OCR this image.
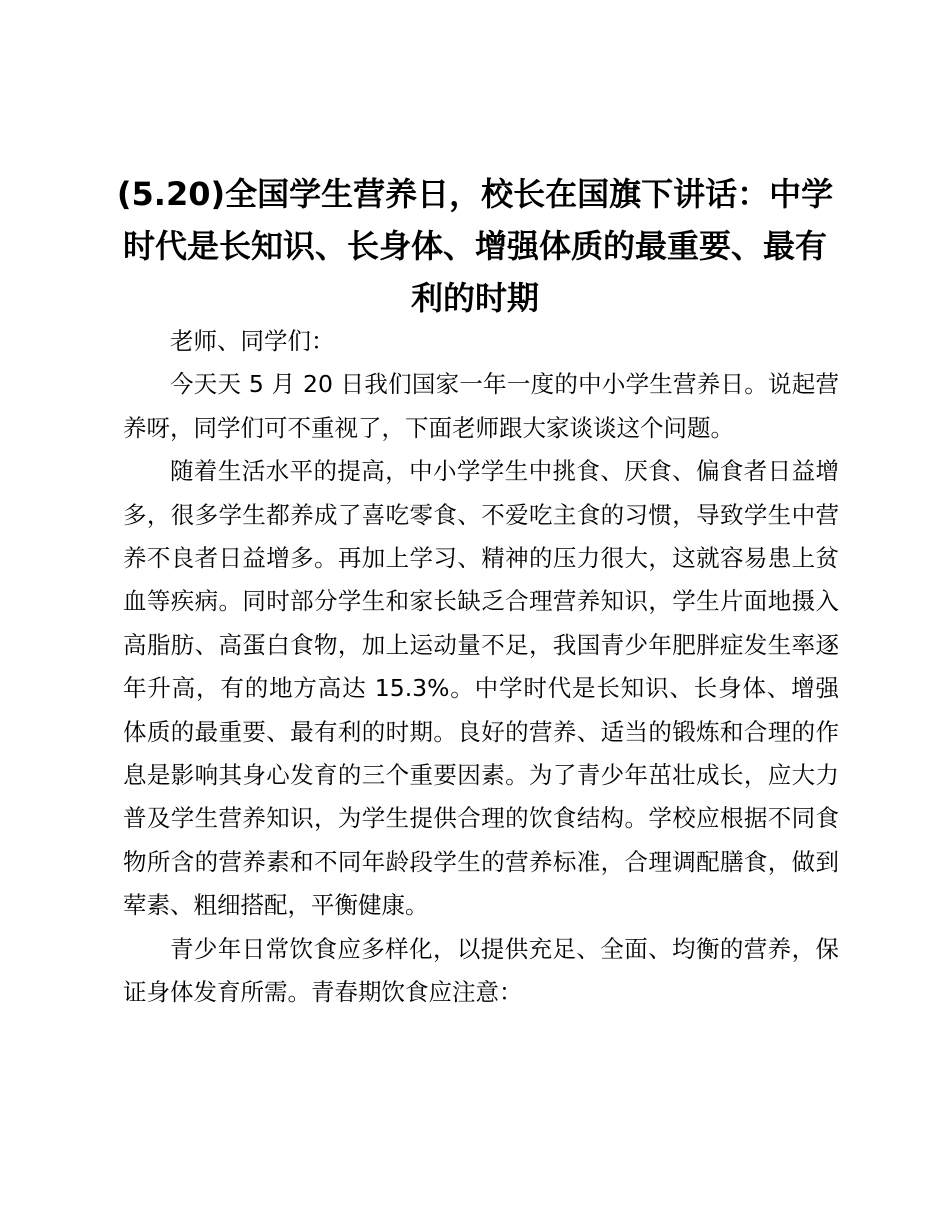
(5.20)全国学生营养日，校长在国旗下讲话：中学时代是长知识、长身体、增强体质的最重要、最有利的时期

老师、同学们：

今天天 5 月 20 日我们国家一年一度的中小学生营养日。说起营养呀，同学们可不重视了，下面老师跟大家谈谈这个问题。

随着生活水平的提高，中小学学生中挑食、厌食、偏食者日益增多，很多学生都养成了喜吃零食、不爱吃主食的习惯，导致学生中营养不良者日益增多。再加上学习、精神的压力很大，这就容易患上贫血等疾病。同时部分学生和家长缺乏合理营养知识，学生片面地摄入高脂肪、高蛋白食物，加上运动量不足，我国青少年肥胖症发生率逐年升高，有的地方高达 15.3%。中学时代是长知识、长身体、增强体质的最重要、最有利的时期。良好的营养、适当的锻炼和合理的作息是影响其身心发育的三个重要因素。为了青少年茁壮成长，应大力普及学生营养知识，为学生提供合理的饮食结构。学校应根据不同食物所含的营养素和不同年龄段学生的营养标准，合理调配膳食，做到荤素、粗细搭配，平衡健康。

青少年日常饮食应多样化，以提供充足、全面、均衡的营养，保证身体发育所需。青春期饮食应注意：
